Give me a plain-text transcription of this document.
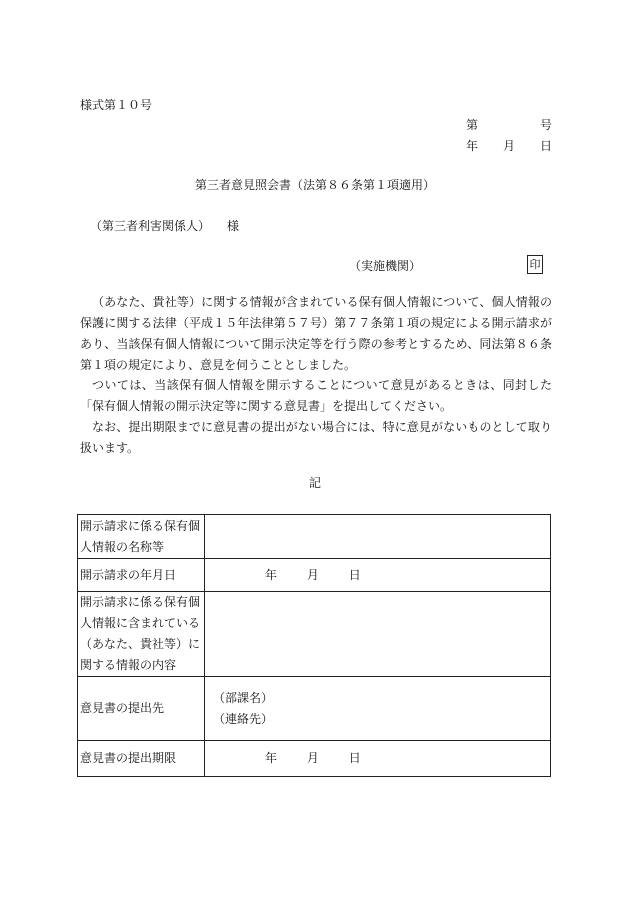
様式第１０号
第	号
年 月 日
第三者意見照会書（法第８６条第１項適用）
（第三者利害関係人） 様
（実施機関）	印

（あなた、貴社等）に関する情報が含まれている保有個人情報について、個人情報の保護に関する法律（平成１５年法律第５７号）第７７条第１項の規定による開示請求があり、当該保有個人情報について開示決定等を行う際の参考とするため、同法第８６条第１項の規定により、意見を伺うこととしました。

ついては、当該保有個人情報を開示することについて意見があるときは、同封した「保有個人情報の開示決定等に関する意見書」を提出してください。

なお、提出期限までに意見書の提出がない場合には、特に意見がないものとして取り扱います。

記
開示請求に係る保有個人情報の名称等	
開示請求の年月日	年 月 日
開示請求に係る保有個人情報に含まれている（あなた、貴社等）に関する情報の内容	
意見書の提出先	（部課名）
（連絡先）

意見書の提出期限	年 月 日
